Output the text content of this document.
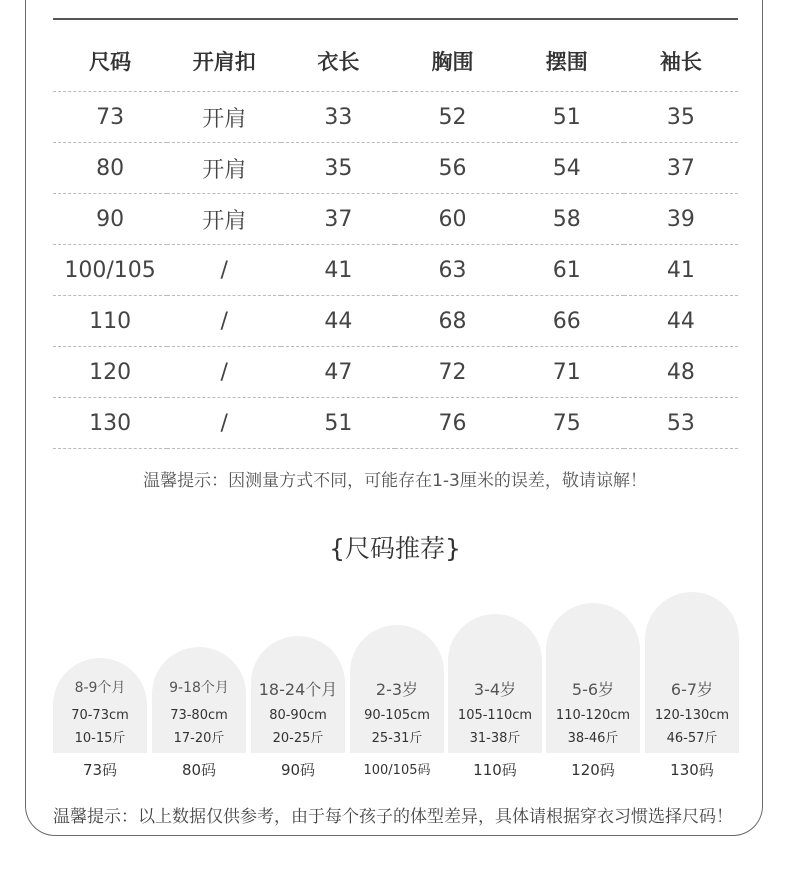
尺码	开肩扣	衣长	胸围	摆围	袖长
73	开肩	33	52	51	35
80	开肩	35	56	54	37
90	开肩	37	60	58	39
100/105	/	41	63	61	41
110	/	44	68	66	44
120	/	47	72	71	48
130	/	51	76	75	53
温馨提示：因测量方式不同，可能存在1-3厘米的误差，敬请谅解！
{尺码推荐}
8-9个月
70-73cm
10-15斤
73码
9-18个月
73-80cm
17-20斤
80码
18-24个月
80-90cm
20-25斤
90码
2-3岁
90-105cm
25-31斤
100/105码
3-4岁
105-110cm
31-38斤
110码
5-6岁
110-120cm
38-46斤
120码
6-7岁
120-130cm
46-57斤
130码
温馨提示：以上数据仅供参考，由于每个孩子的体型差异，具体请根据穿衣习惯选择尺码！
